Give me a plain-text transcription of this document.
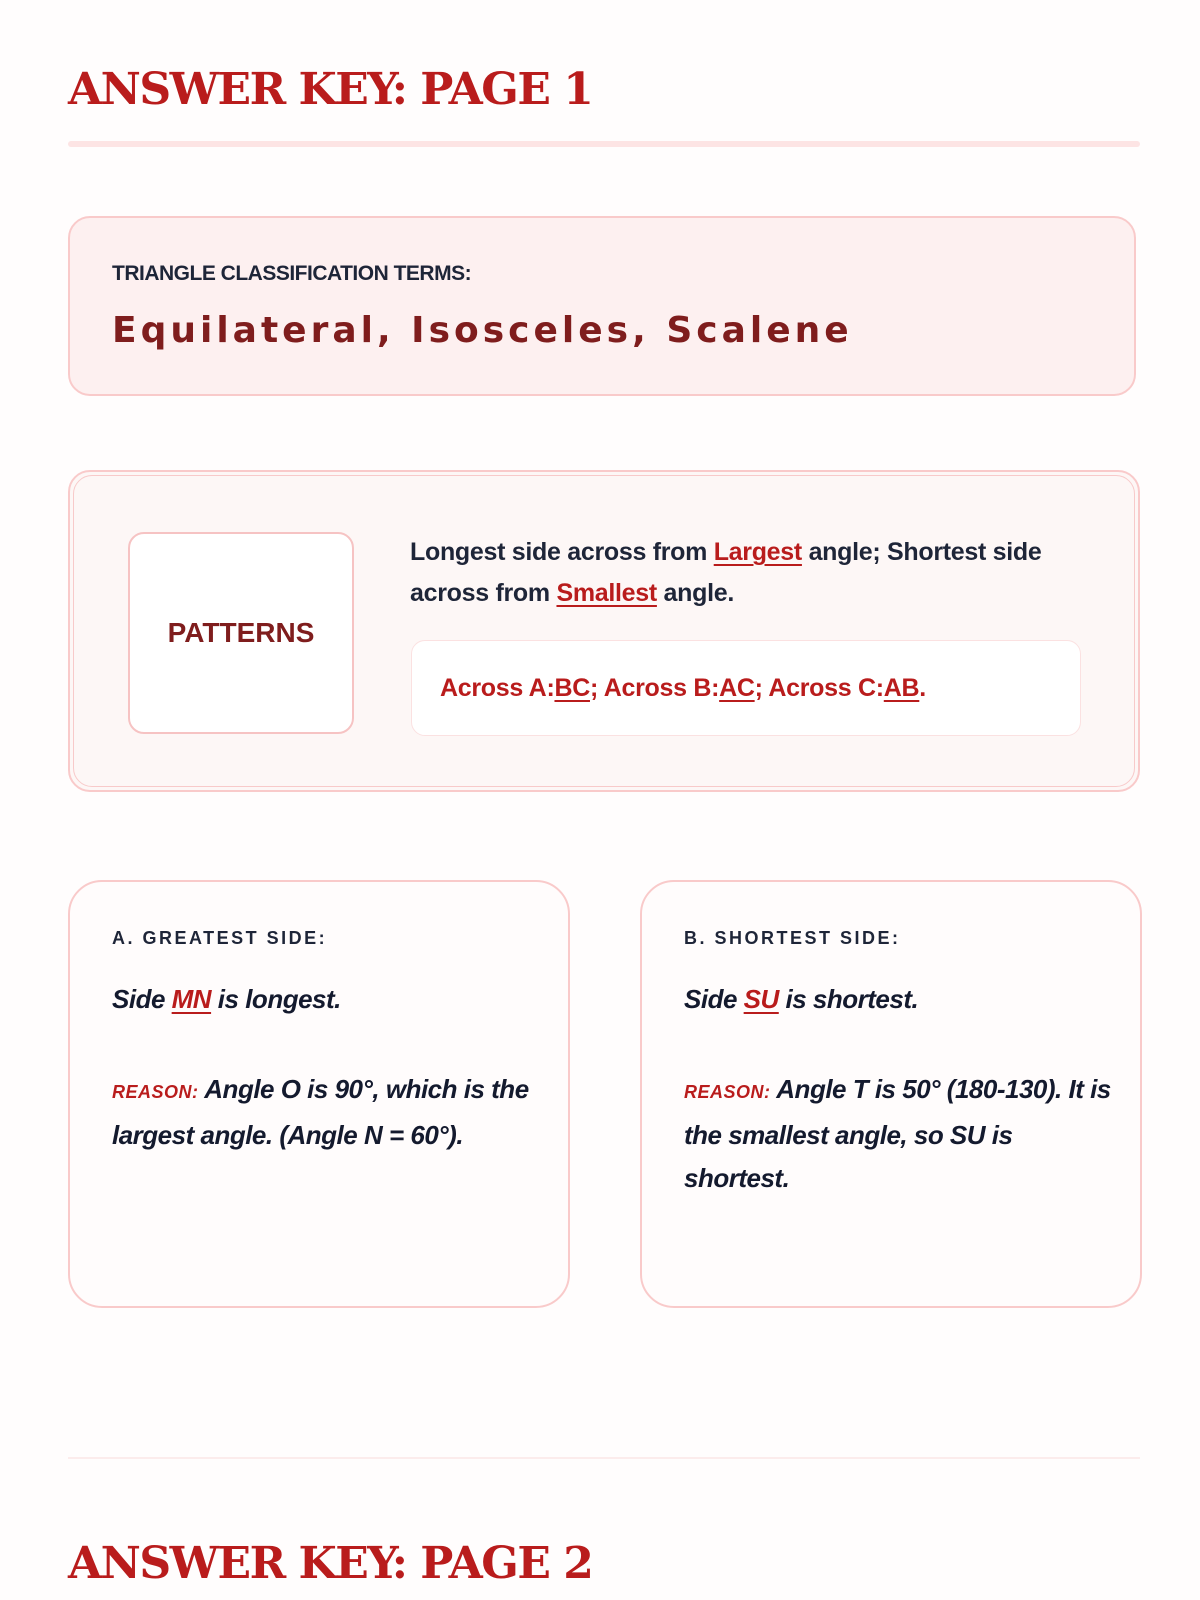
ANSWER KEY: PAGE 1
TRIANGLE CLASSIFICATION TERMS:
Equilateral, Isosceles, Scalene
PATTERNS
Longest side across from Largest angle; Shortest side across from Smallest angle.
Across A: BC ; Across B: AC ; Across C: AB .
A. GREATEST SIDE:
Side MN is longest.
REASON: Angle O is 90°, which is the largest angle. (Angle N = 60°).
B. SHORTEST SIDE:
Side SU is shortest.
REASON: Angle T is 50° (180-130). It is the smallest angle, so SU is shortest.
ANSWER KEY: PAGE 2
